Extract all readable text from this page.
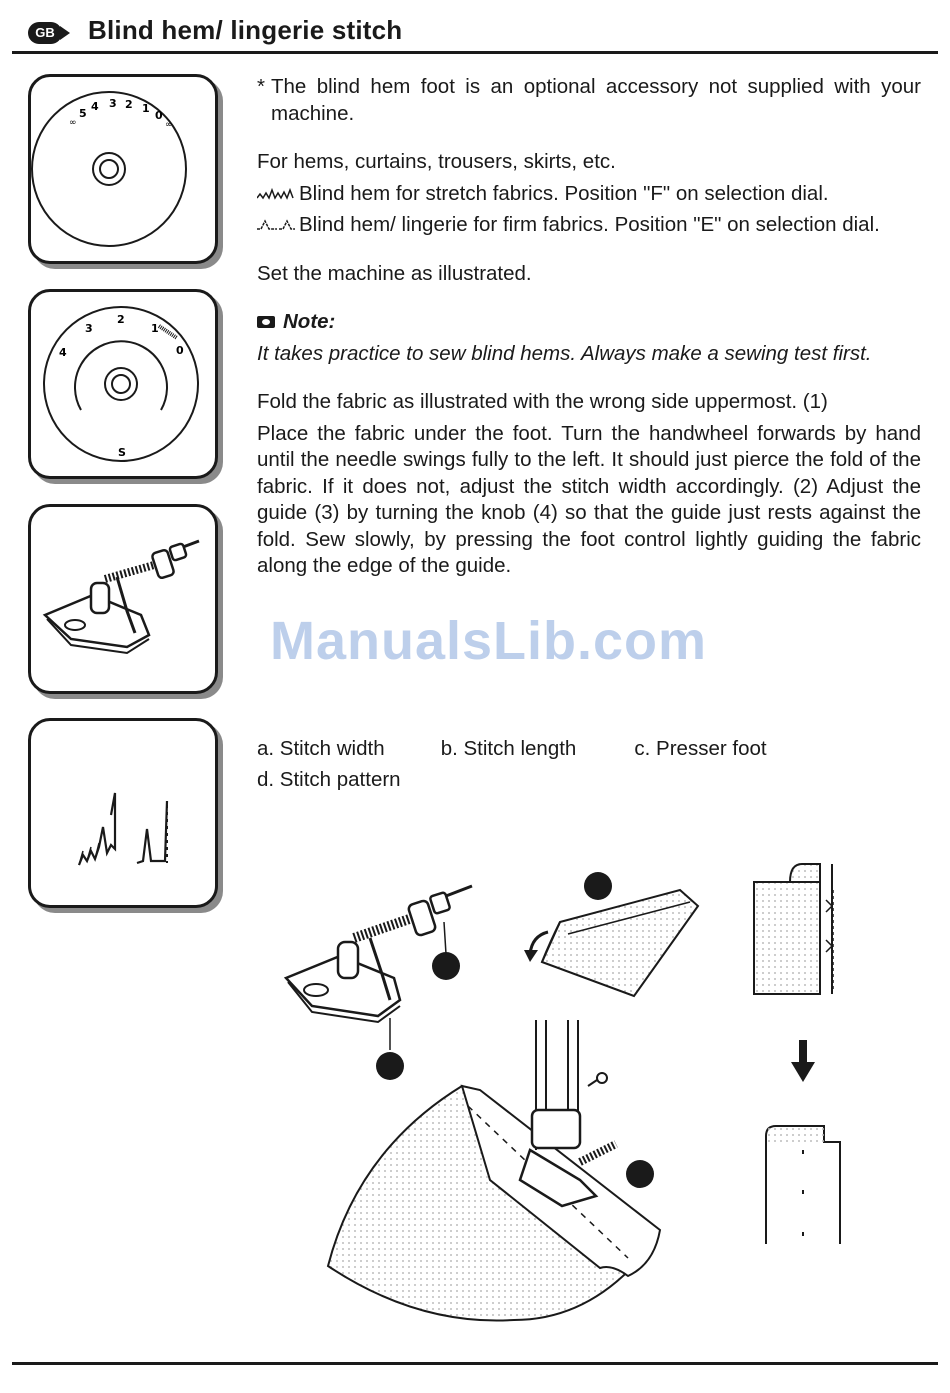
GB Blind hem/ lingerie stitch
∞
5
4 3 2 1
0
∞
4
3
2
1
0
S

* The blind hem foot is an optional accessory not supplied with your machine.

For hems, curtains, trousers, skirts, etc.

Blind hem for stretch fabrics. Position "F" on selection dial.

Blind hem/ lingerie for firm fabrics. Position "E" on selection dial.

Set the machine as illustrated.

Note:

It takes practice to sew blind hems. Always make a sewing test first.

Fold the fabric as illustrated with the wrong side uppermost. (1)

Place the fabric under the foot. Turn the handwheel forwards by hand until the needle swings fully to the left. It should just pierce the fold of the fabric. If it does not, adjust the stitch width accordingly. (2) Adjust the guide (3) by turning the knob (4) so that the guide just rests against the fold. Sew slowly, by pressing the foot control lightly guiding the fabric along the edge of the guide.

ManualsLib.com
a. Stitch width	b. Stitch length	c. Presser foot
d. Stitch pattern
